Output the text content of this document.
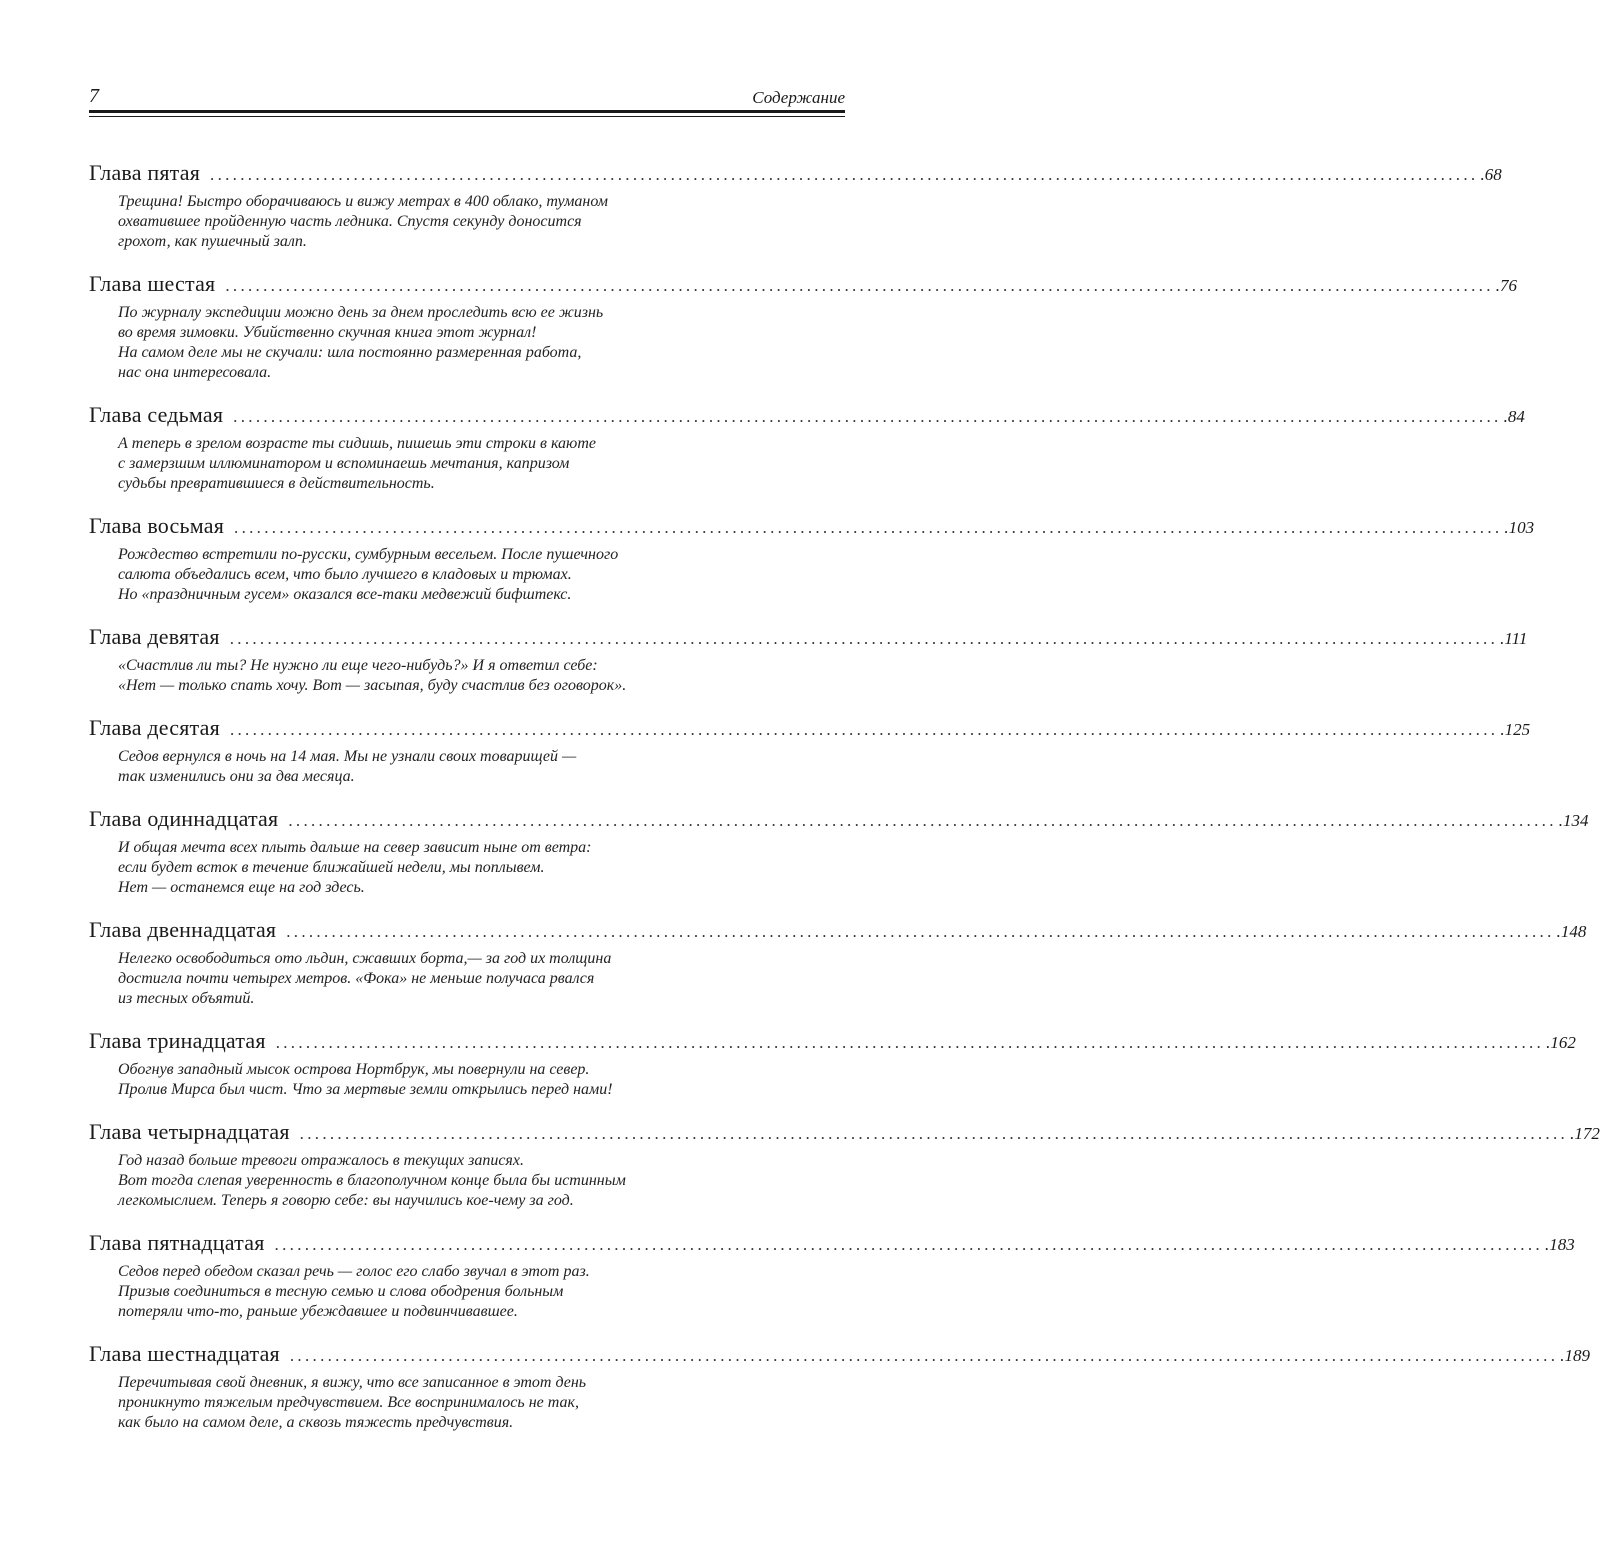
7	Содержание
Глава пятая ........................................................................................................................................................................ .68
Трещина! Быстро оборачиваюсь и вижу метрах в 400 облако, туманом
охватившее пройденную часть ледника. Спустя секунду доносится
грохот, как пушечный залп.
Глава шестая ........................................................................................................................................................................ .76
По журналу экспедиции можно день за днем проследить всю ее жизнь
во время зимовки. Убийственно скучная книга этот журнал!
На самом деле мы не скучали: шла постоянно размеренная работа,
нас она интересовала.
Глава седьмая ........................................................................................................................................................................ .84
А теперь в зрелом возрасте ты сидишь, пишешь эти строки в каюте
с замерзшим иллюминатором и вспоминаешь мечтания, капризом
судьбы превратившиеся в действительность.
Глава восьмая ........................................................................................................................................................................ .103
Рождество встретили по-русски, сумбурным весельем. После пушечного
салюта объедались всем, что было лучшего в кладовых и трюмах.
Но «праздничным гусем» оказался все-таки медвежий бифштекс.
Глава девятая ........................................................................................................................................................................ .111
«Счастлив ли ты? Не нужно ли еще чего-нибудь?» И я ответил себе:
«Нет — только спать хочу. Вот — засыпая, буду счастлив без оговорок».
Глава десятая ........................................................................................................................................................................ .125
Седов вернулся в ночь на 14 мая. Мы не узнали своих товарищей —
так изменились они за два месяца.
Глава одиннадцатая ........................................................................................................................................................................ .134
И общая мечта всех плыть дальше на север зависит ныне от ветра:
если будет всток в течение ближайшей недели, мы поплывем.
Нет — останемся еще на год здесь.
Глава двеннадцатая ........................................................................................................................................................................ .148
Нелегко освободиться ото льдин, сжавших борта,— за год их толщина
достигла почти четырех метров. «Фока» не меньше получаса рвался
из тесных объятий.
Глава тринадцатая ........................................................................................................................................................................ .162
Обогнув западный мысок острова Нортбрук, мы повернули на север.
Пролив Мирса был чист. Что за мертвые земли открылись перед нами!
Глава четырнадцатая ........................................................................................................................................................................ .172
Год назад больше тревоги отражалось в текущих записях.
Вот тогда слепая уверенность в благополучном конце была бы истинным
легкомыслием. Теперь я говорю себе: вы научились кое-чему за год.
Глава пятнадцатая ........................................................................................................................................................................ .183
Седов перед обедом сказал речь — голос его слабо звучал в этот раз.
Призыв соединиться в тесную семью и слова ободрения больным
потеряли что-то, раньше убеждавшее и подвинчивавшее.
Глава шестнадцатая ........................................................................................................................................................................ .189
Перечитывая свой дневник, я вижу, что все записанное в этот день
проникнуто тяжелым предчувствием. Все воспринималось не так,
как было на самом деле, а сквозь тяжесть предчувствия.
